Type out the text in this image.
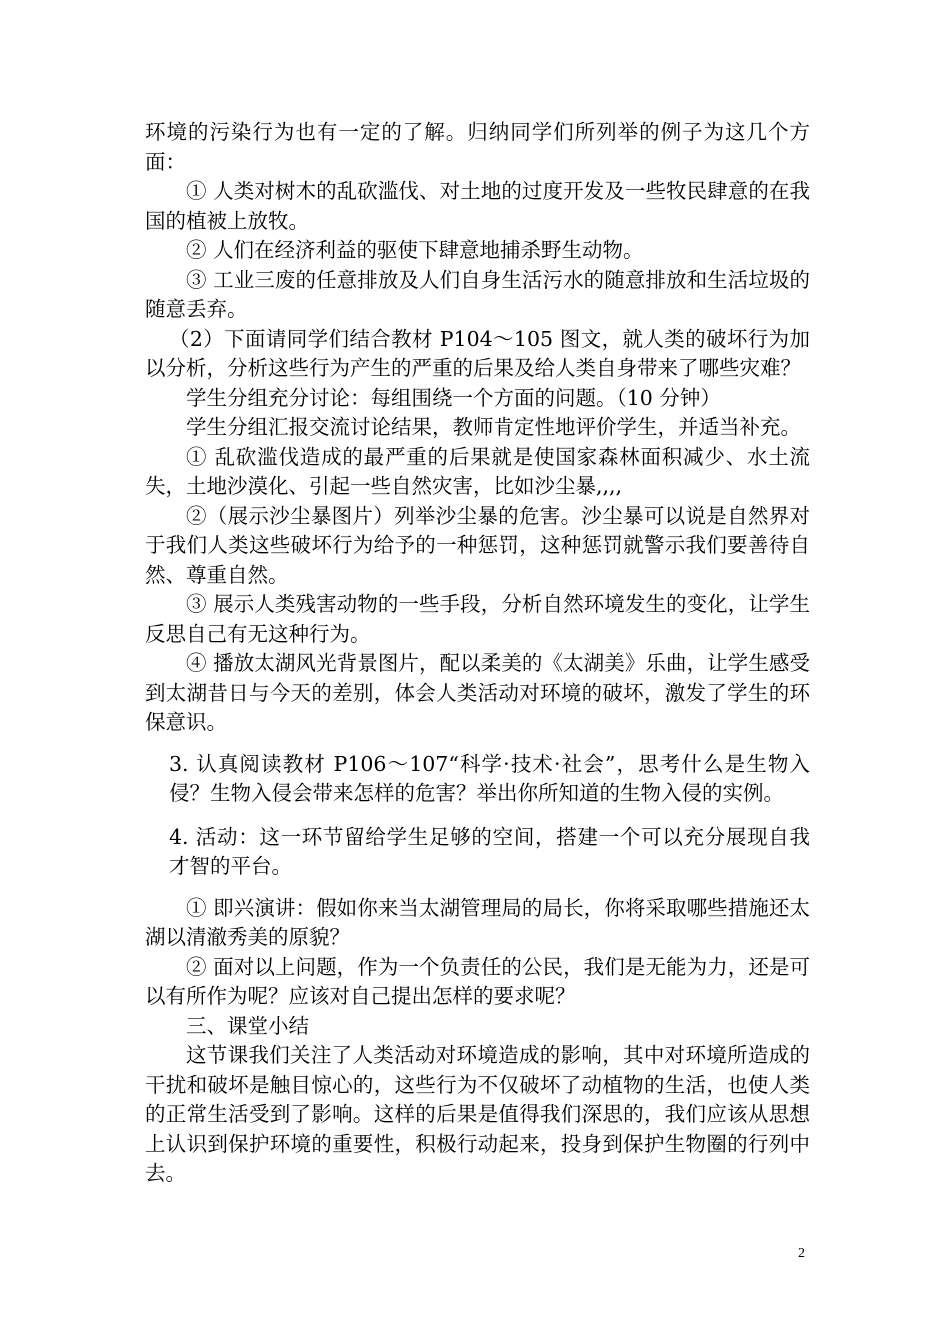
环境的污染行为也有一定的了解。归纳同学们所列举的例子为这几个方面：

① 人类对树木的乱砍滥伐、对土地的过度开发及一些牧民肆意的在我国的植被上放牧。

② 人们在经济利益的驱使下肆意地捕杀野生动物。

③ 工业三废的任意排放及人们自身生活污水的随意排放和生活垃圾的随意丢弃。

（2）下面请同学们结合教材 P104～105 图文，就人类的破坏行为加以分析，分析这些行为产生的严重的后果及给人类自身带来了哪些灾难？

学生分组充分讨论：每组围绕一个方面的问题。（10 分钟）

学生分组汇报交流讨论结果，教师肯定性地评价学生，并适当补充。

① 乱砍滥伐造成的最严重的后果就是使国家森林面积减少、水土流失，土地沙漠化、引起一些自然灾害，比如沙尘暴,,,,

②（展示沙尘暴图片）列举沙尘暴的危害。沙尘暴可以说是自然界对于我们人类这些破坏行为给予的一种惩罚，这种惩罚就警示我们要善待自然、尊重自然。

③ 展示人类残害动物的一些手段，分析自然环境发生的变化，让学生反思自己有无这种行为。

④ 播放太湖风光背景图片，配以柔美的《太湖美》乐曲，让学生感受到太湖昔日与今天的差别，体会人类活动对环境的破坏，激发了学生的环保意识。

3. 认真阅读教材 P106～107“科学·技术·社会”，思考什么是生物入侵？生物入侵会带来怎样的危害？举出你所知道的生物入侵的实例。

4. 活动：这一环节留给学生足够的空间，搭建一个可以充分展现自我才智的平台。

① 即兴演讲：假如你来当太湖管理局的局长，你将采取哪些措施还太湖以清澈秀美的原貌？

② 面对以上问题，作为一个负责任的公民，我们是无能为力，还是可以有所作为呢？应该对自己提出怎样的要求呢？

三、课堂小结

这节课我们关注了人类活动对环境造成的影响，其中对环境所造成的干扰和破坏是触目惊心的，这些行为不仅破坏了动植物的生活，也使人类的正常生活受到了影响。这样的后果是值得我们深思的，我们应该从思想上认识到保护环境的重要性，积极行动起来，投身到保护生物圈的行列中去。

2
